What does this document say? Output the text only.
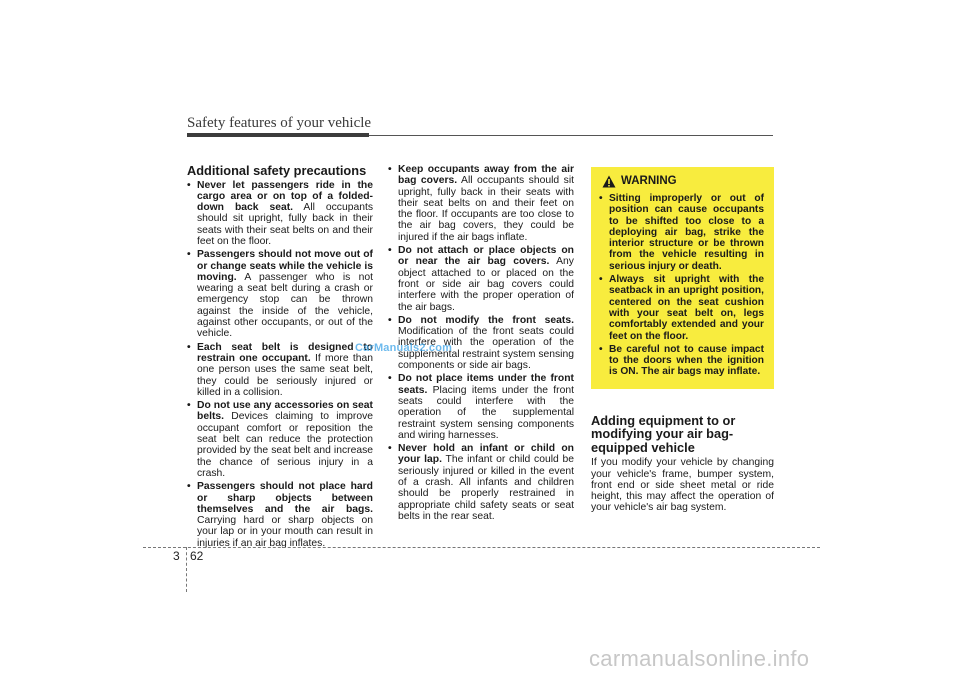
Safety features of your vehicle
Additional safety precautions
• Never let passengers ride in the cargo area or on top of a folded-down back seat. All occupants should sit upright, fully back in their seats with their seat belts on and their feet on the floor.
• Passengers should not move out of or change seats while the vehicle is moving. A passenger who is not wearing a seat belt during a crash or emergency stop can be thrown against the inside of the vehicle, against other occupants, or out of the vehicle.
• Each seat belt is designed to restrain one occupant. If more than one person uses the same seat belt, they could be seriously injured or killed in a collision.
• Do not use any accessories on seat belts. Devices claiming to improve occupant comfort or reposition the seat belt can reduce the protection provided by the seat belt and increase the chance of serious injury in a crash.
• Passengers should not place hard or sharp objects between themselves and the air bags. Carrying hard or sharp objects on your lap or in your mouth can result in injuries if an air bag inflates.
• Keep occupants away from the air bag covers. All occupants should sit upright, fully back in their seats with their seat belts on and their feet on the floor. If occupants are too close to the air bag covers, they could be injured if the air bags inflate.
• Do not attach or place objects on or near the air bag covers. Any object attached to or placed on the front or side air bag covers could interfere with the proper operation of the air bags.
• Do not modify the front seats. Modification of the front seats could interfere with the operation of the supplemental restraint system sensing components or side air bags.
• Do not place items under the front seats. Placing items under the front seats could interfere with the operation of the supplemental restraint system sensing components and wiring harnesses.
• Never hold an infant or child on your lap. The infant or child could be seriously injured or killed in the event of a crash. All infants and children should be properly restrained in appropriate child safety seats or seat belts in the rear seat.
WARNING
• Sitting improperly or out of position can cause occupants to be shifted too close to a deploying air bag, strike the interior structure or be thrown from the vehicle resulting in serious injury or death.
• Always sit upright with the seatback in an upright position, centered on the seat cushion with your seat belt on, legs comfortably extended and your feet on the floor.
• Be careful not to cause impact to the doors when the ignition is ON. The air bags may inflate.
Adding equipment to or modifying your air bag-equipped vehicle

If you modify your vehicle by changing your vehicle's frame, bumper system, front end or side sheet metal or ride height, this may affect the operation of your vehicle's air bag system.

CarManuals2.com
3 62
carmanualsonline.info
